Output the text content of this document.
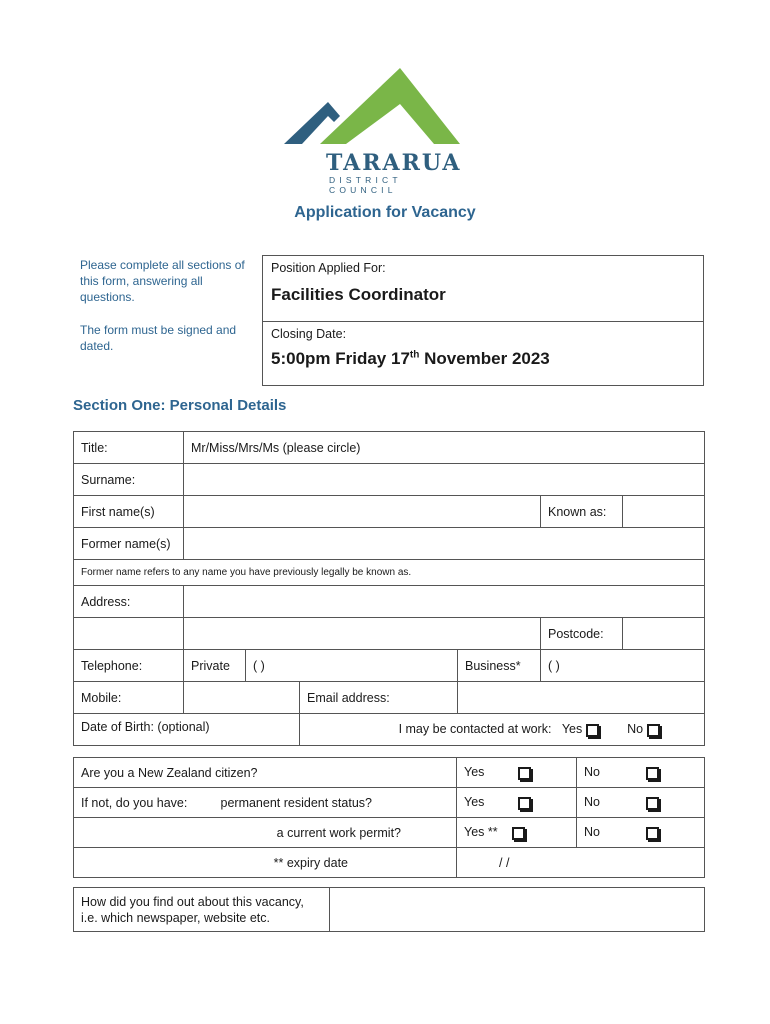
TARARUA
DISTRICT COUNCIL
Application for Vacancy
Please complete all sections of this form, answering all questions.
The form must be signed and dated.
Position Applied For:
Facilities Coordinator
Closing Date:
5:00pm Friday 17th November 2023
Section One: Personal Details
Title:	Mr/Miss/Mrs/Ms (please circle)					
Surname:						
First name(s)					Known as:	
Former name(s)						
Former name refers to any name you have previously legally be known as.						
Address:						
					Postcode:	
Telephone:	Private	( )		Business*	( )	
Mobile:			Email address:			
Date of Birth: (optional)			I may be contacted at work: Yes No			
Are you a New Zealand citizen?		Yes	No
If not, do you have:	permanent resident status?	Yes	No
a current work permit?		Yes **	No
** expiry date		/ /	
How did you find out about this vacancy, i.e. which newspaper, website etc.	
